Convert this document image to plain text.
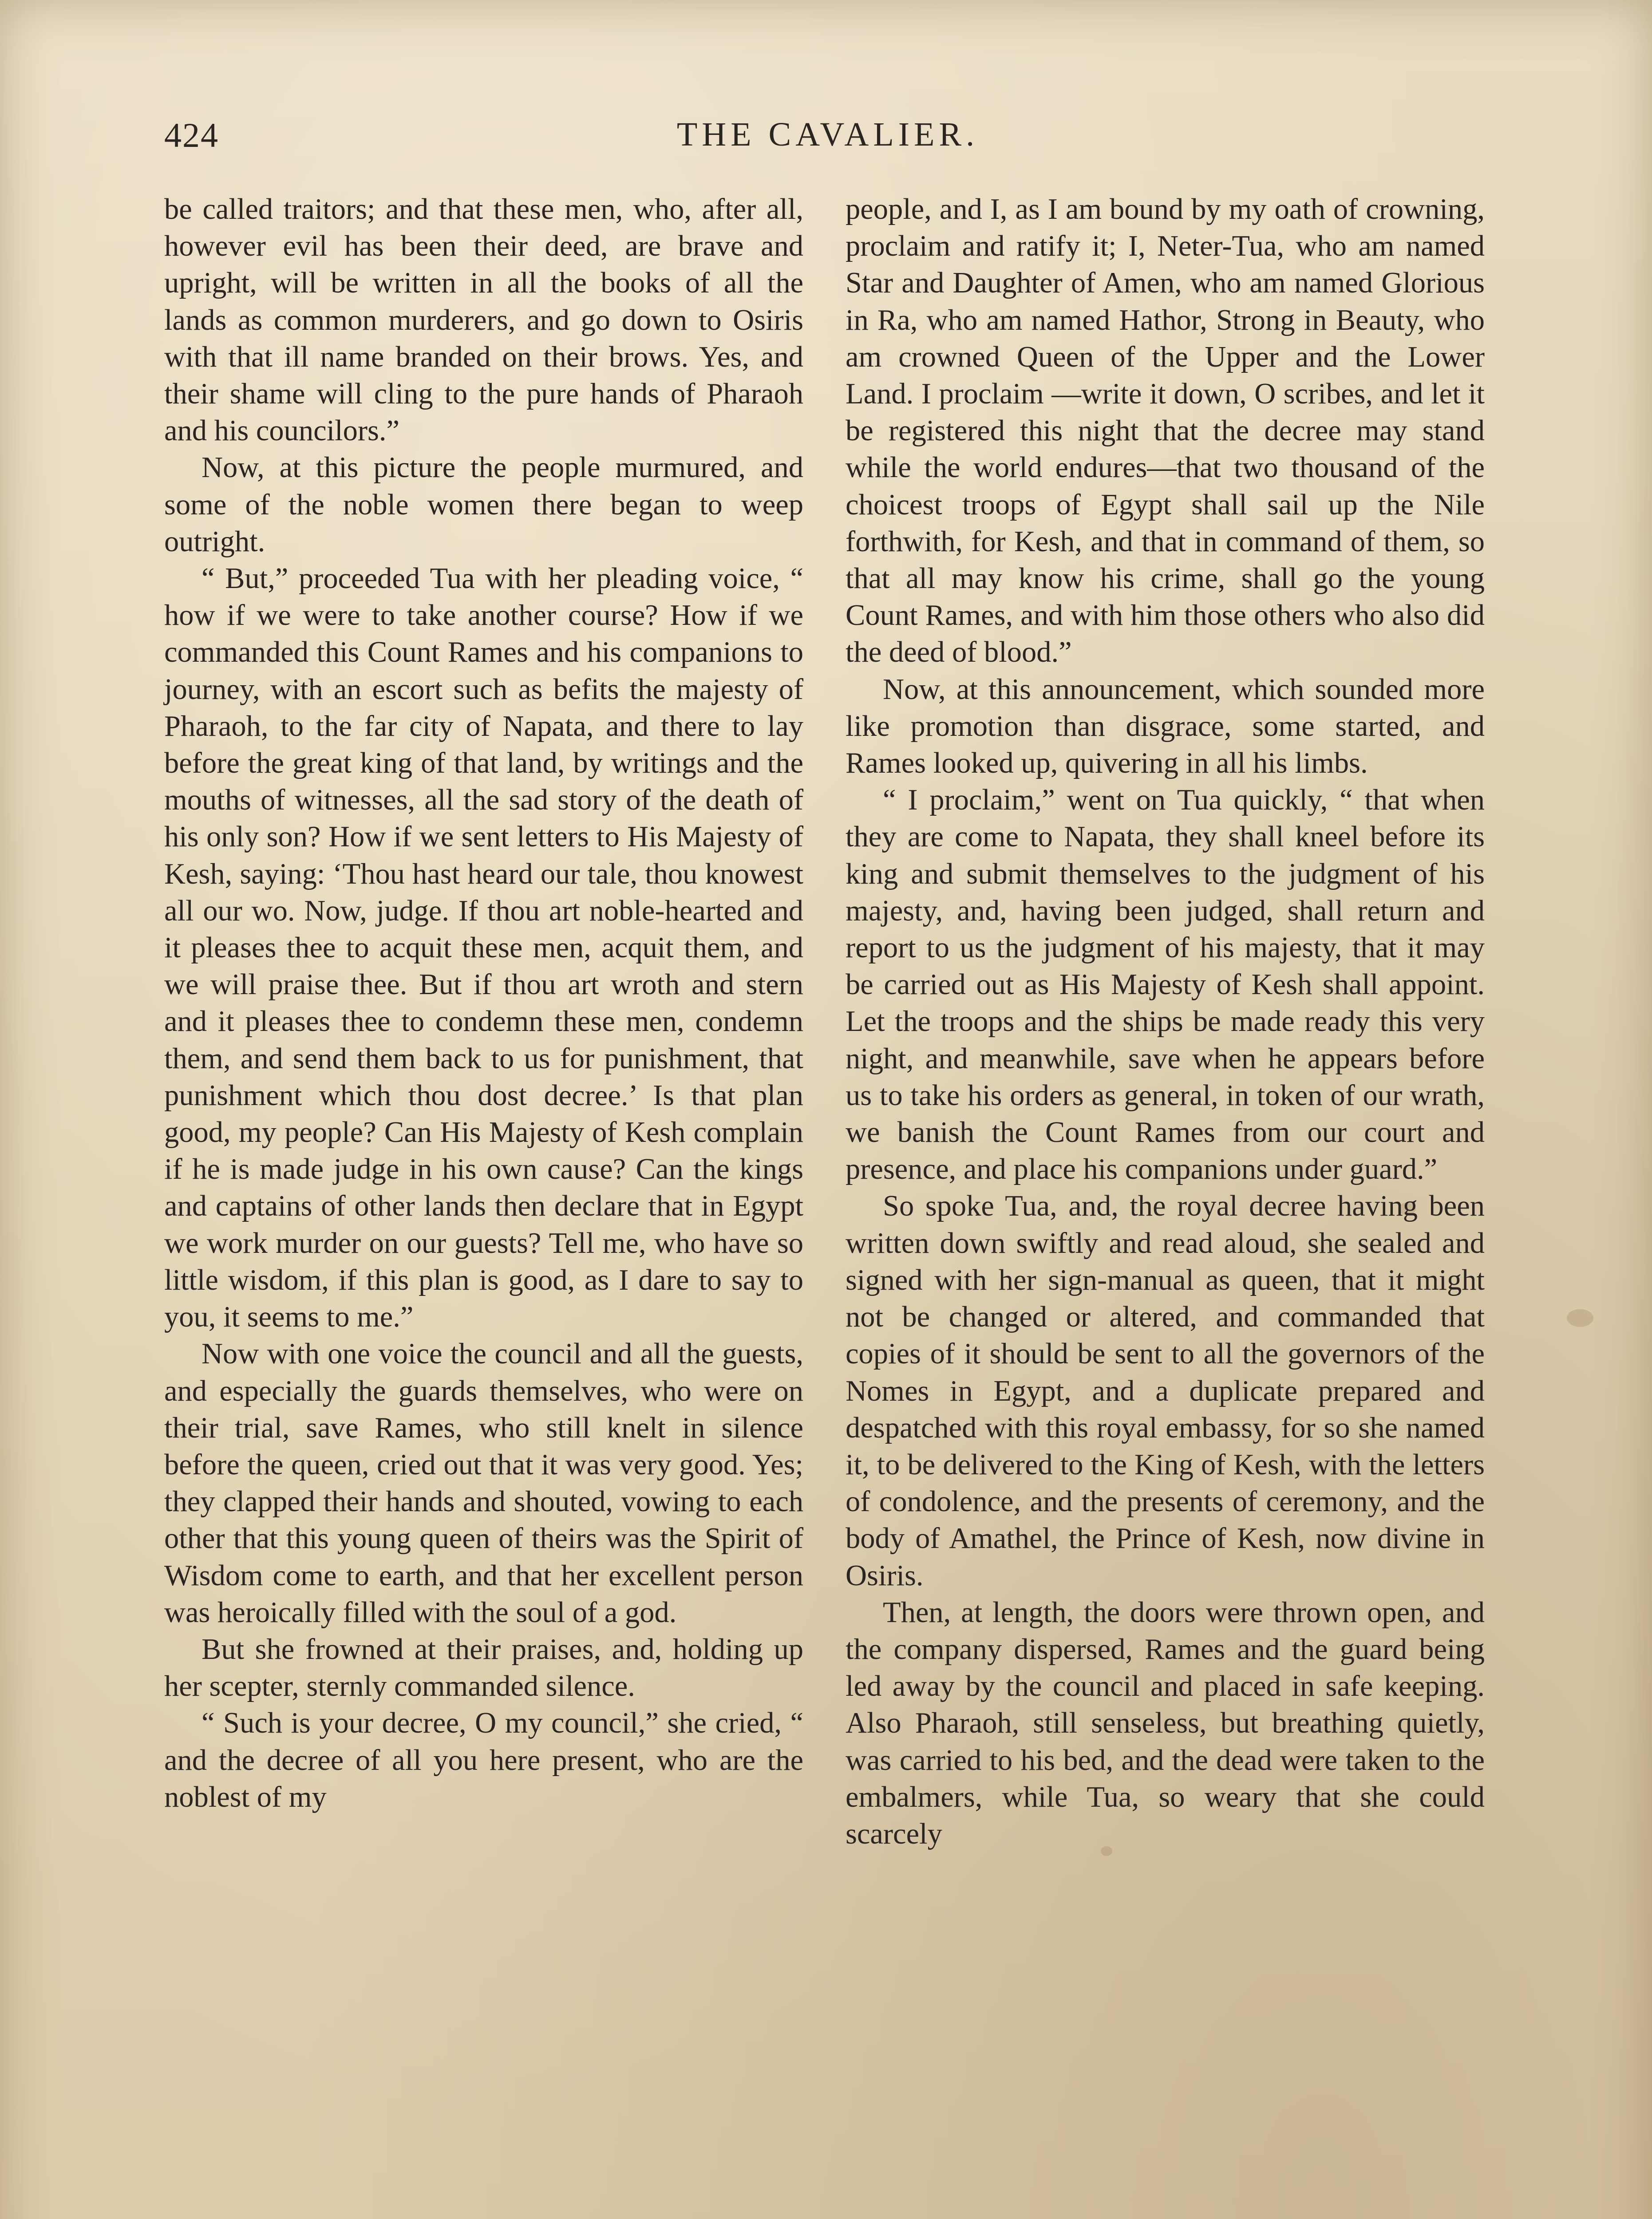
424	THE CAVALIER.

be called traitors; and that these men, who, after all, however evil has been their deed, are brave and upright, will be written in all the books of all the lands as common murderers, and go down to Osiris with that ill name branded on their brows. Yes, and their shame will cling to the pure hands of Pharaoh and his councilors.”

Now, at this picture the people murmured, and some of the noble women there began to weep outright.

“ But,” proceeded Tua with her pleading voice, “ how if we were to take another course? How if we commanded this Count Rames and his companions to journey, with an escort such as befits the majesty of Pharaoh, to the far city of Napata, and there to lay before the great king of that land, by writings and the mouths of witnesses, all the sad story of the death of his only son? How if we sent letters to His Majesty of Kesh, saying: ‘Thou hast heard our tale, thou knowest all our wo. Now, judge. If thou art noble-hearted and it pleases thee to acquit these men, acquit them, and we will praise thee. But if thou art wroth and stern and it pleases thee to condemn these men, condemn them, and send them back to us for punishment, that punishment which thou dost decree.’ Is that plan good, my people? Can His Majesty of Kesh complain if he is made judge in his own cause? Can the kings and captains of other lands then declare that in Egypt we work murder on our guests? Tell me, who have so little wisdom, if this plan is good, as I dare to say to you, it seems to me.”

Now with one voice the council and all the guests, and especially the guards themselves, who were on their trial, save Rames, who still knelt in silence before the queen, cried out that it was very good. Yes; they clapped their hands and shouted, vowing to each other that this young queen of theirs was the Spirit of Wisdom come to earth, and that her excellent person was heroically filled with the soul of a god.

But she frowned at their praises, and, holding up her scepter, sternly commanded silence.

“ Such is your decree, O my council,” she cried, “ and the decree of all you here present, who are the noblest of my

people, and I, as I am bound by my oath of crowning, proclaim and ratify it; I, Neter-Tua, who am named Star and Daughter of Amen, who am named Glorious in Ra, who am named Hathor, Strong in Beauty, who am crowned Queen of the Upper and the Lower Land. I proclaim —write it down, O scribes, and let it be registered this night that the decree may stand while the world endures—that two thousand of the choicest troops of Egypt shall sail up the Nile forthwith, for Kesh, and that in command of them, so that all may know his crime, shall go the young Count Rames, and with him those others who also did the deed of blood.”

Now, at this announcement, which sounded more like promotion than disgrace, some started, and Rames looked up, quivering in all his limbs.

“ I proclaim,” went on Tua quickly, “ that when they are come to Napata, they shall kneel before its king and submit themselves to the judgment of his majesty, and, having been judged, shall return and report to us the judgment of his majesty, that it may be carried out as His Majesty of Kesh shall appoint. Let the troops and the ships be made ready this very night, and meanwhile, save when he appears before us to take his orders as general, in token of our wrath, we banish the Count Rames from our court and presence, and place his companions under guard.”

So spoke Tua, and, the royal decree having been written down swiftly and read aloud, she sealed and signed with her sign-manual as queen, that it might not be changed or altered, and commanded that copies of it should be sent to all the governors of the Nomes in Egypt, and a duplicate prepared and despatched with this royal embassy, for so she named it, to be delivered to the King of Kesh, with the letters of condolence, and the presents of ceremony, and the body of Amathel, the Prince of Kesh, now divine in Osiris.

Then, at length, the doors were thrown open, and the company dispersed, Rames and the guard being led away by the council and placed in safe keeping. Also Pharaoh, still senseless, but breathing quietly, was carried to his bed, and the dead were taken to the embalmers, while Tua, so weary that she could scarcely
